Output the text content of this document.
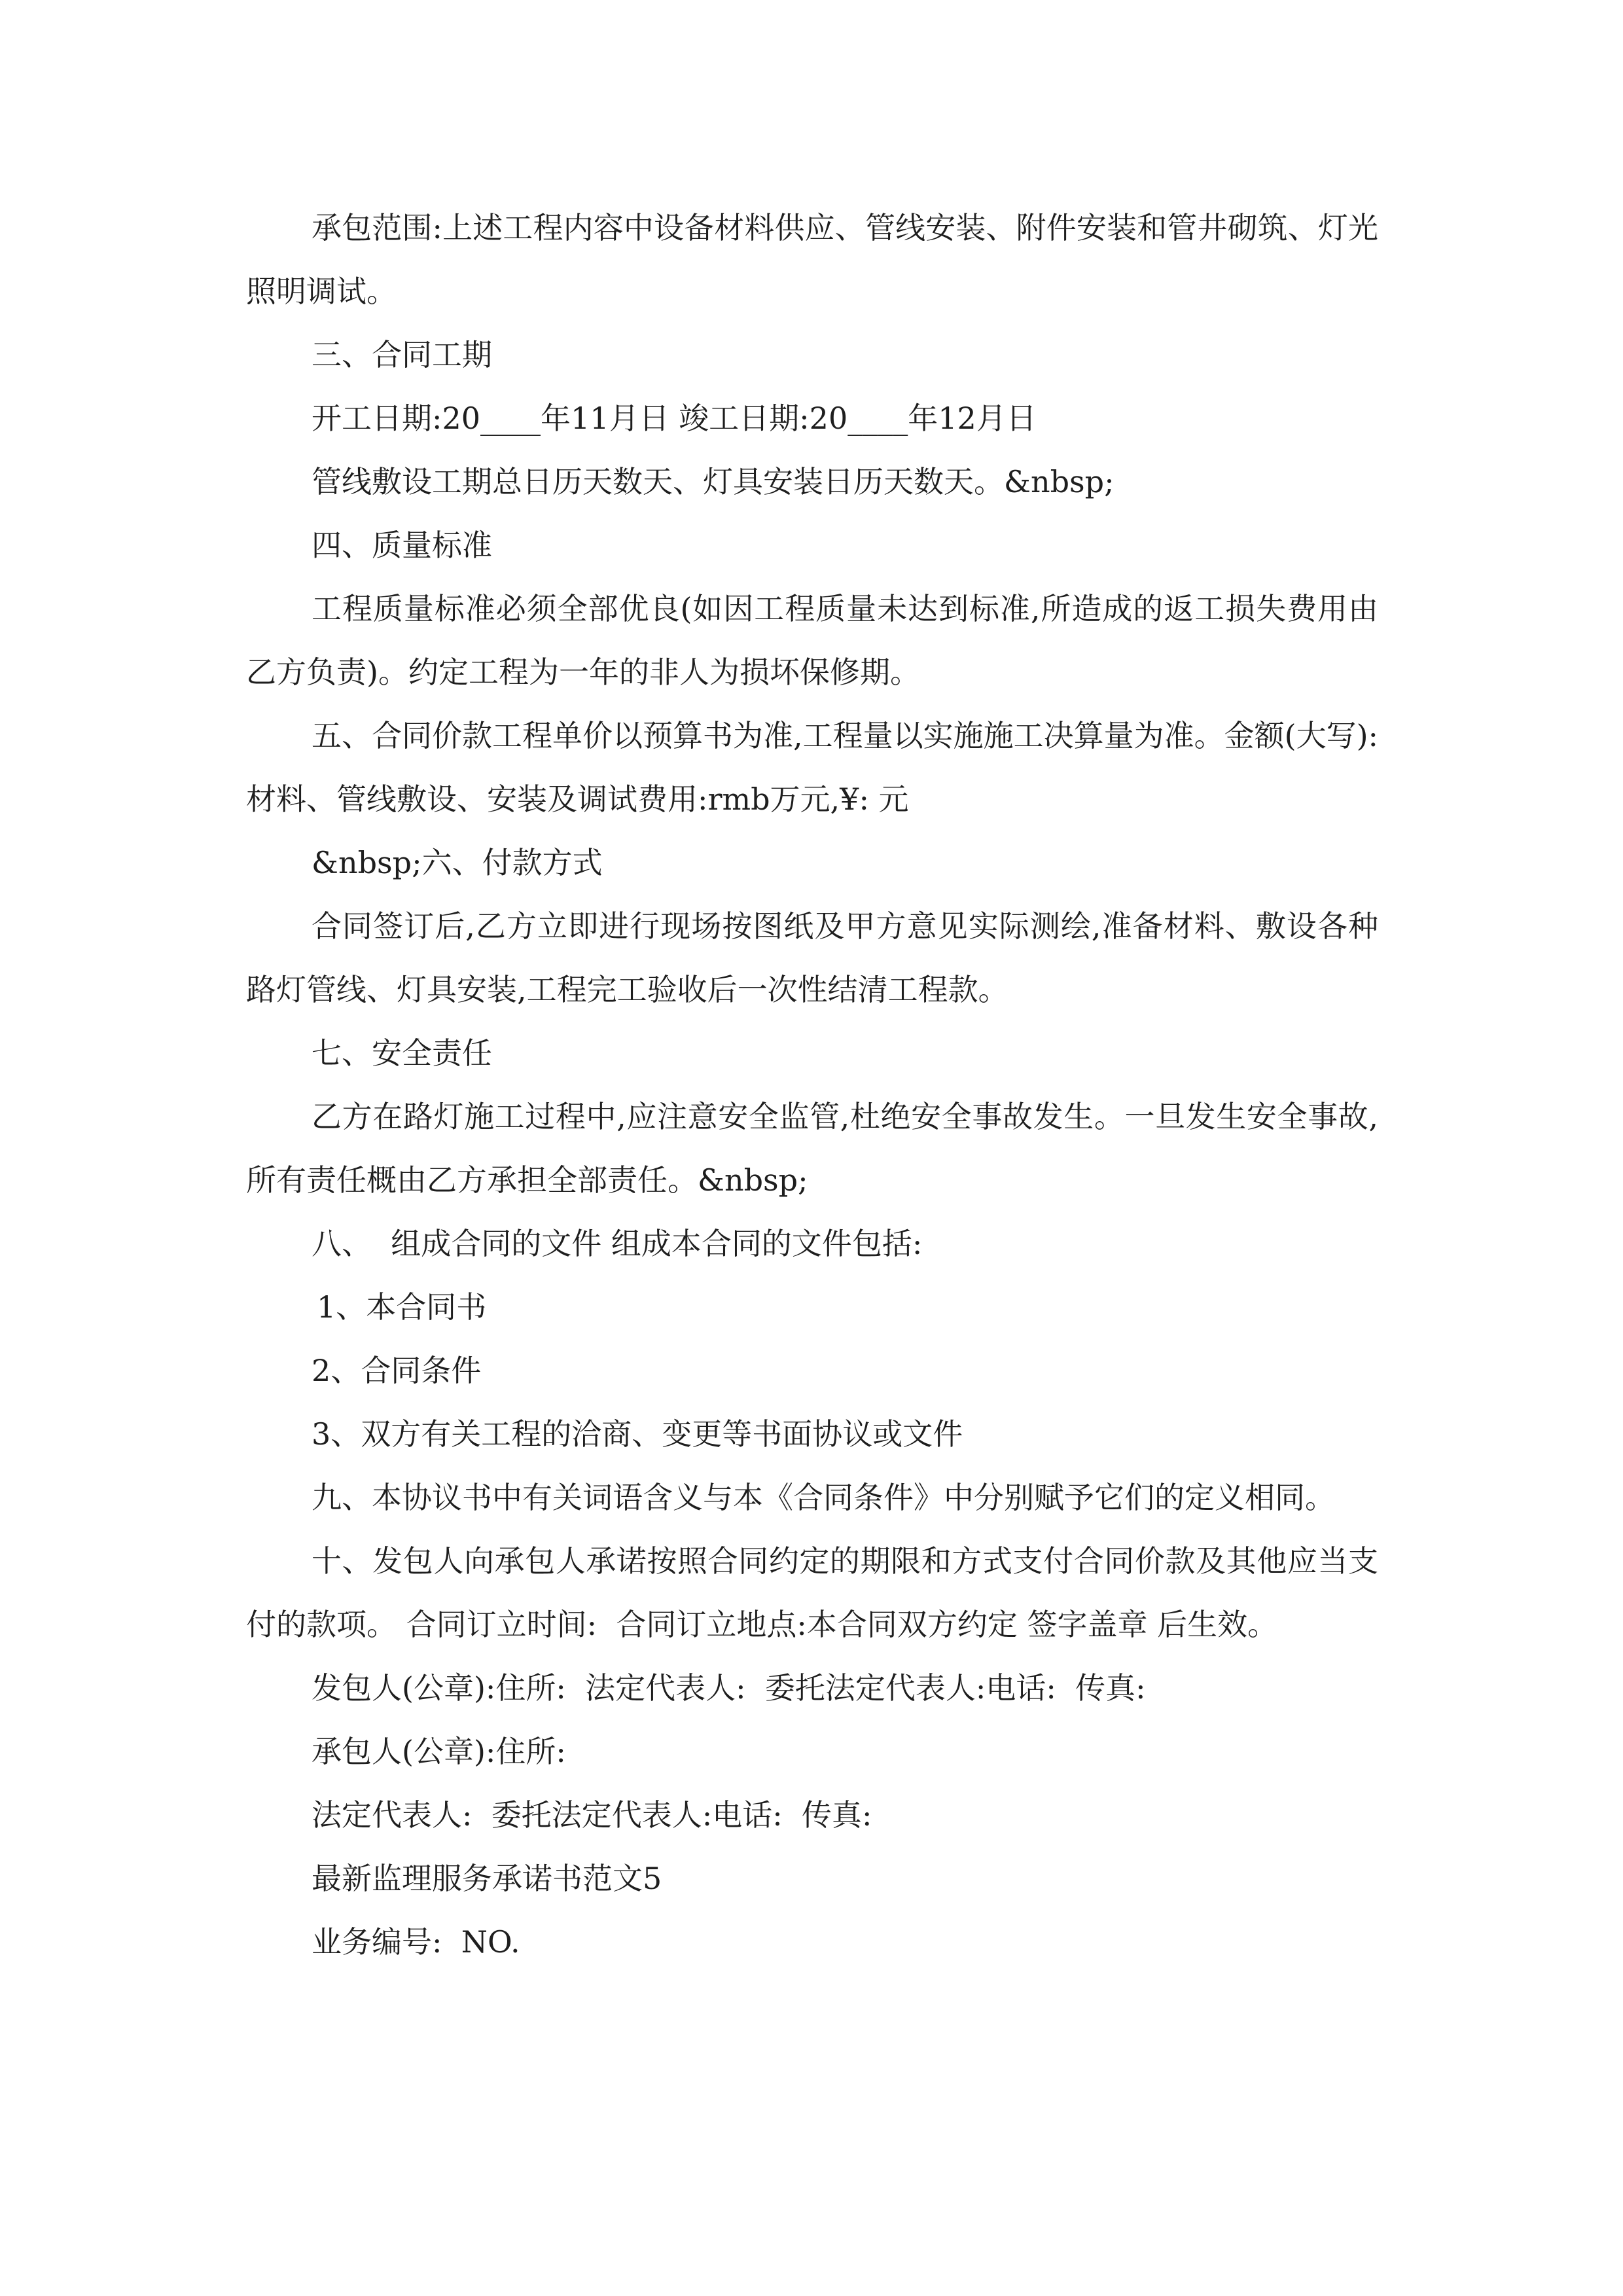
承包范围:上述工程内容中设备材料供应、管线安装、附件安装和管井砌筑、灯光照明调试。

三、合同工期

开工日期:20____年11月日 竣工日期:20____年12月日

管线敷设工期总日历天数天、灯具安装日历天数天。&nbsp;

四、质量标准

工程质量标准必须全部优良(如因工程质量未达到标准,所造成的返工损失费用由乙方负责)。约定工程为一年的非人为损坏保修期。

五、合同价款工程单价以预算书为准,工程量以实施施工决算量为准。金额(大写):材料、管线敷设、安装及调试费用:rmb万元,¥: 元

&nbsp;六、付款方式

合同签订后,乙方立即进行现场按图纸及甲方意见实际测绘,准备材料、敷设各种路灯管线、灯具安装,工程完工验收后一次性结清工程款。

七、安全责任

乙方在路灯施工过程中,应注意安全监管,杜绝安全事故发生。一旦发生安全事故,所有责任概由乙方承担全部责任。&nbsp;

八、  组成合同的文件 组成本合同的文件包括:

1、本合同书

2、合同条件

3、双方有关工程的洽商、变更等书面协议或文件

九、本协议书中有关词语含义与本《合同条件》中分别赋予它们的定义相同。

十、发包人向承包人承诺按照合同约定的期限和方式支付合同价款及其他应当支付的款项。 合同订立时间:  合同订立地点:本合同双方约定 签字盖章 后生效。

发包人(公章):住所:  法定代表人:  委托法定代表人:电话:  传真:

承包人(公章):住所:

法定代表人:  委托法定代表人:电话:  传真:

最新监理服务承诺书范文5

业务编号:  NO.
